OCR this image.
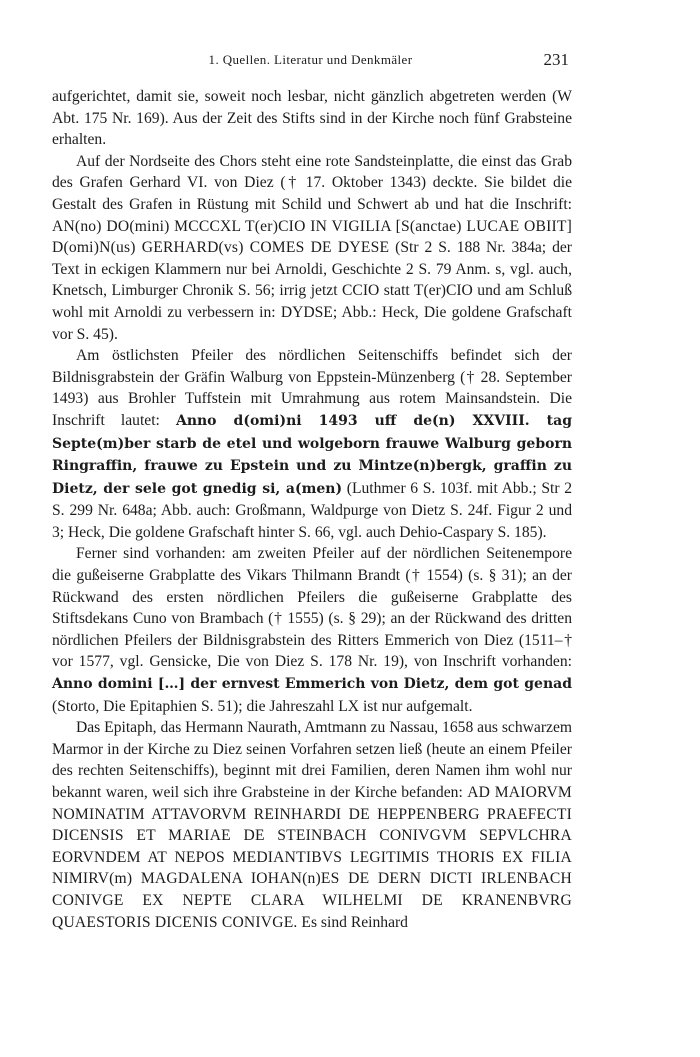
1. Quellen. Literatur und Denkmäler	231

aufgerichtet, damit sie, soweit noch lesbar, nicht gänzlich abgetreten werden (W Abt. 175 Nr. 169). Aus der Zeit des Stifts sind in der Kirche noch fünf Grabsteine erhalten.

Auf der Nordseite des Chors steht eine rote Sandsteinplatte, die einst das Grab des Grafen Gerhard VI. von Diez († 17. Oktober 1343) deckte. Sie bildet die Gestalt des Grafen in Rüstung mit Schild und Schwert ab und hat die Inschrift: AN(no) DO(mini) MCCCXL T(er)CIO IN VIGILIA [S(anctae) LUCAE OBIIT] D(omi)N(us) GERHARD(vs) COMES DE DYESE (Str 2 S. 188 Nr. 384a; der Text in eckigen Klammern nur bei Arnoldi, Geschichte 2 S. 79 Anm. s, vgl. auch, Knetsch, Limburger Chronik S. 56; irrig jetzt CCIO statt T(er)CIO und am Schluß wohl mit Arnoldi zu verbessern in: DYDSE; Abb.: Heck, Die goldene Grafschaft vor S. 45).

Am östlichsten Pfeiler des nördlichen Seitenschiffs befindet sich der Bildnisgrabstein der Gräfin Walburg von Eppstein-Münzenberg († 28. September 1493) aus Brohler Tuffstein mit Umrahmung aus rotem Mainsandstein. Die Inschrift lautet: Anno d(omi)ni 1493 uff de(n) XXVIII. tag Septe(m)ber starb de etel und wolgeborn frauwe Walburg geborn Ringraffin, frauwe zu Epstein und zu Mintze(n)bergk, graffin zu Dietz, der sele got gnedig si, a(men) (Luthmer 6 S. 103f. mit Abb.; Str 2 S. 299 Nr. 648a; Abb. auch: Großmann, Waldpurge von Dietz S. 24f. Figur 2 und 3; Heck, Die goldene Grafschaft hinter S. 66, vgl. auch Dehio-Caspary S. 185).

Ferner sind vorhanden: am zweiten Pfeiler auf der nördlichen Seitenempore die gußeiserne Grabplatte des Vikars Thilmann Brandt († 1554) (s. § 31); an der Rückwand des ersten nördlichen Pfeilers die gußeiserne Grabplatte des Stiftsdekans Cuno von Brambach († 1555) (s. § 29); an der Rückwand des dritten nördlichen Pfeilers der Bildnisgrabstein des Ritters Emmerich von Diez (1511–† vor 1577, vgl. Gensicke, Die von Diez S. 178 Nr. 19), von Inschrift vorhanden: Anno domini […] der ernvest Emmerich von Dietz, dem got genad (Storto, Die Epitaphien S. 51); die Jahreszahl LX ist nur aufgemalt.

Das Epitaph, das Hermann Naurath, Amtmann zu Nassau, 1658 aus schwarzem Marmor in der Kirche zu Diez seinen Vorfahren setzen ließ (heute an einem Pfeiler des rechten Seitenschiffs), beginnt mit drei Familien, deren Namen ihm wohl nur bekannt waren, weil sich ihre Grabsteine in der Kirche befanden: AD MAIORVM NOMINATIM ATTAVORVM REINHARDI DE HEPPENBERG PRAEFECTI DICENSIS ET MARIAE DE STEINBACH CONIVGVM SEPVLCHRA EORVNDEM AT NEPOS MEDIANTIBVS LEGITIMIS THORIS EX FILIA NIMIRV(m) MAGDALENA IOHAN(n)ES DE DERN DICTI IRLENBACH CONIVGE EX NEPTE CLARA WILHELMI DE KRANENBVRG QUAESTORIS DICENIS CONIVGE. Es sind Reinhard
